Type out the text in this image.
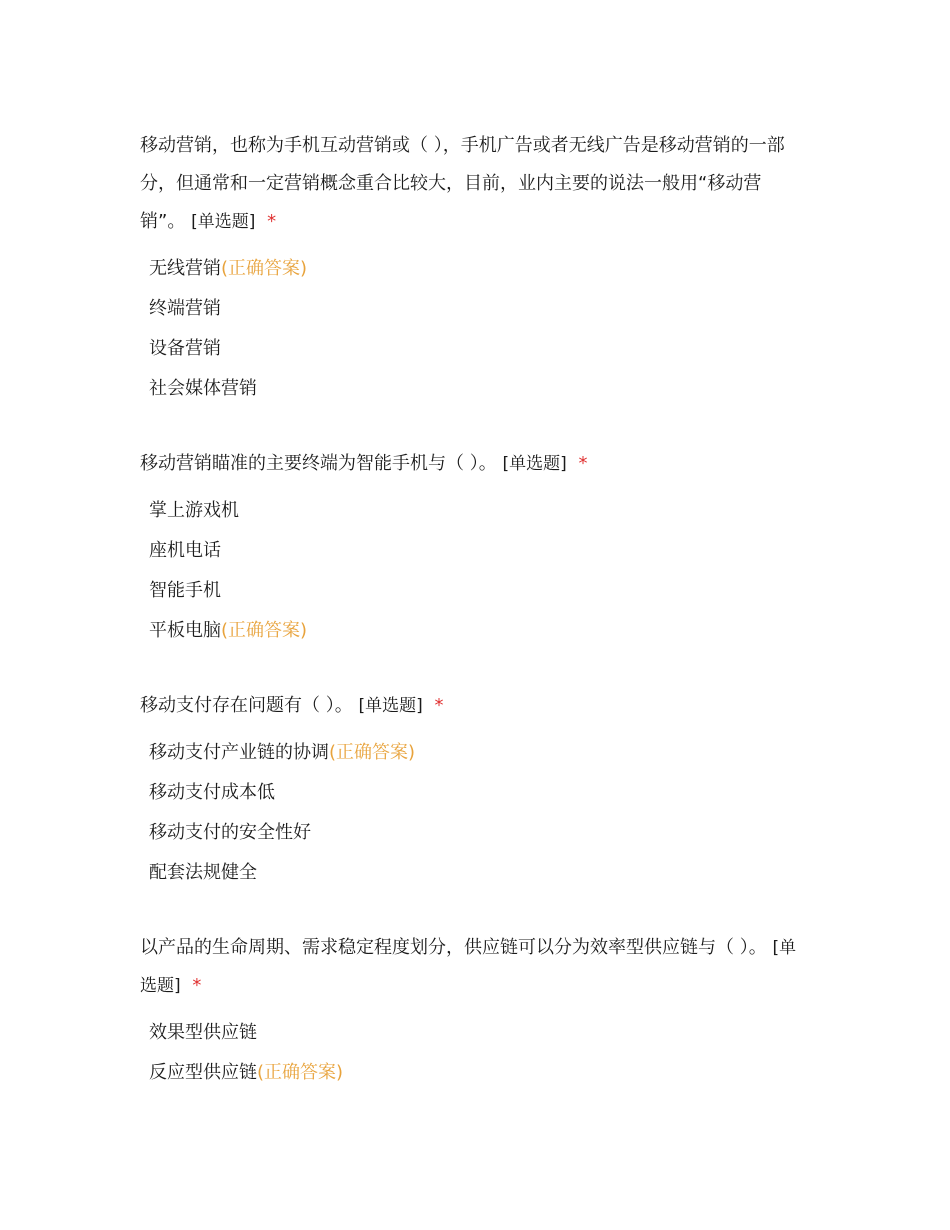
移动营销，也称为手机互动营销或（ ），手机广告或者无线广告是移动营销的一部分，但通常和一定营销概念重合比较大，目前，业内主要的说法一般用“移动营销”。 [单选题] *

无线营销(正确答案)
终端营销
设备营销
社会媒体营销

移动营销瞄准的主要终端为智能手机与（ ）。 [单选题] *

掌上游戏机
座机电话
智能手机
平板电脑(正确答案)

移动支付存在问题有（ ）。 [单选题] *

移动支付产业链的协调(正确答案)
移动支付成本低
移动支付的安全性好
配套法规健全

以产品的生命周期、需求稳定程度划分，供应链可以分为效率型供应链与（ ）。 [单选题] *

效果型供应链
反应型供应链(正确答案)
